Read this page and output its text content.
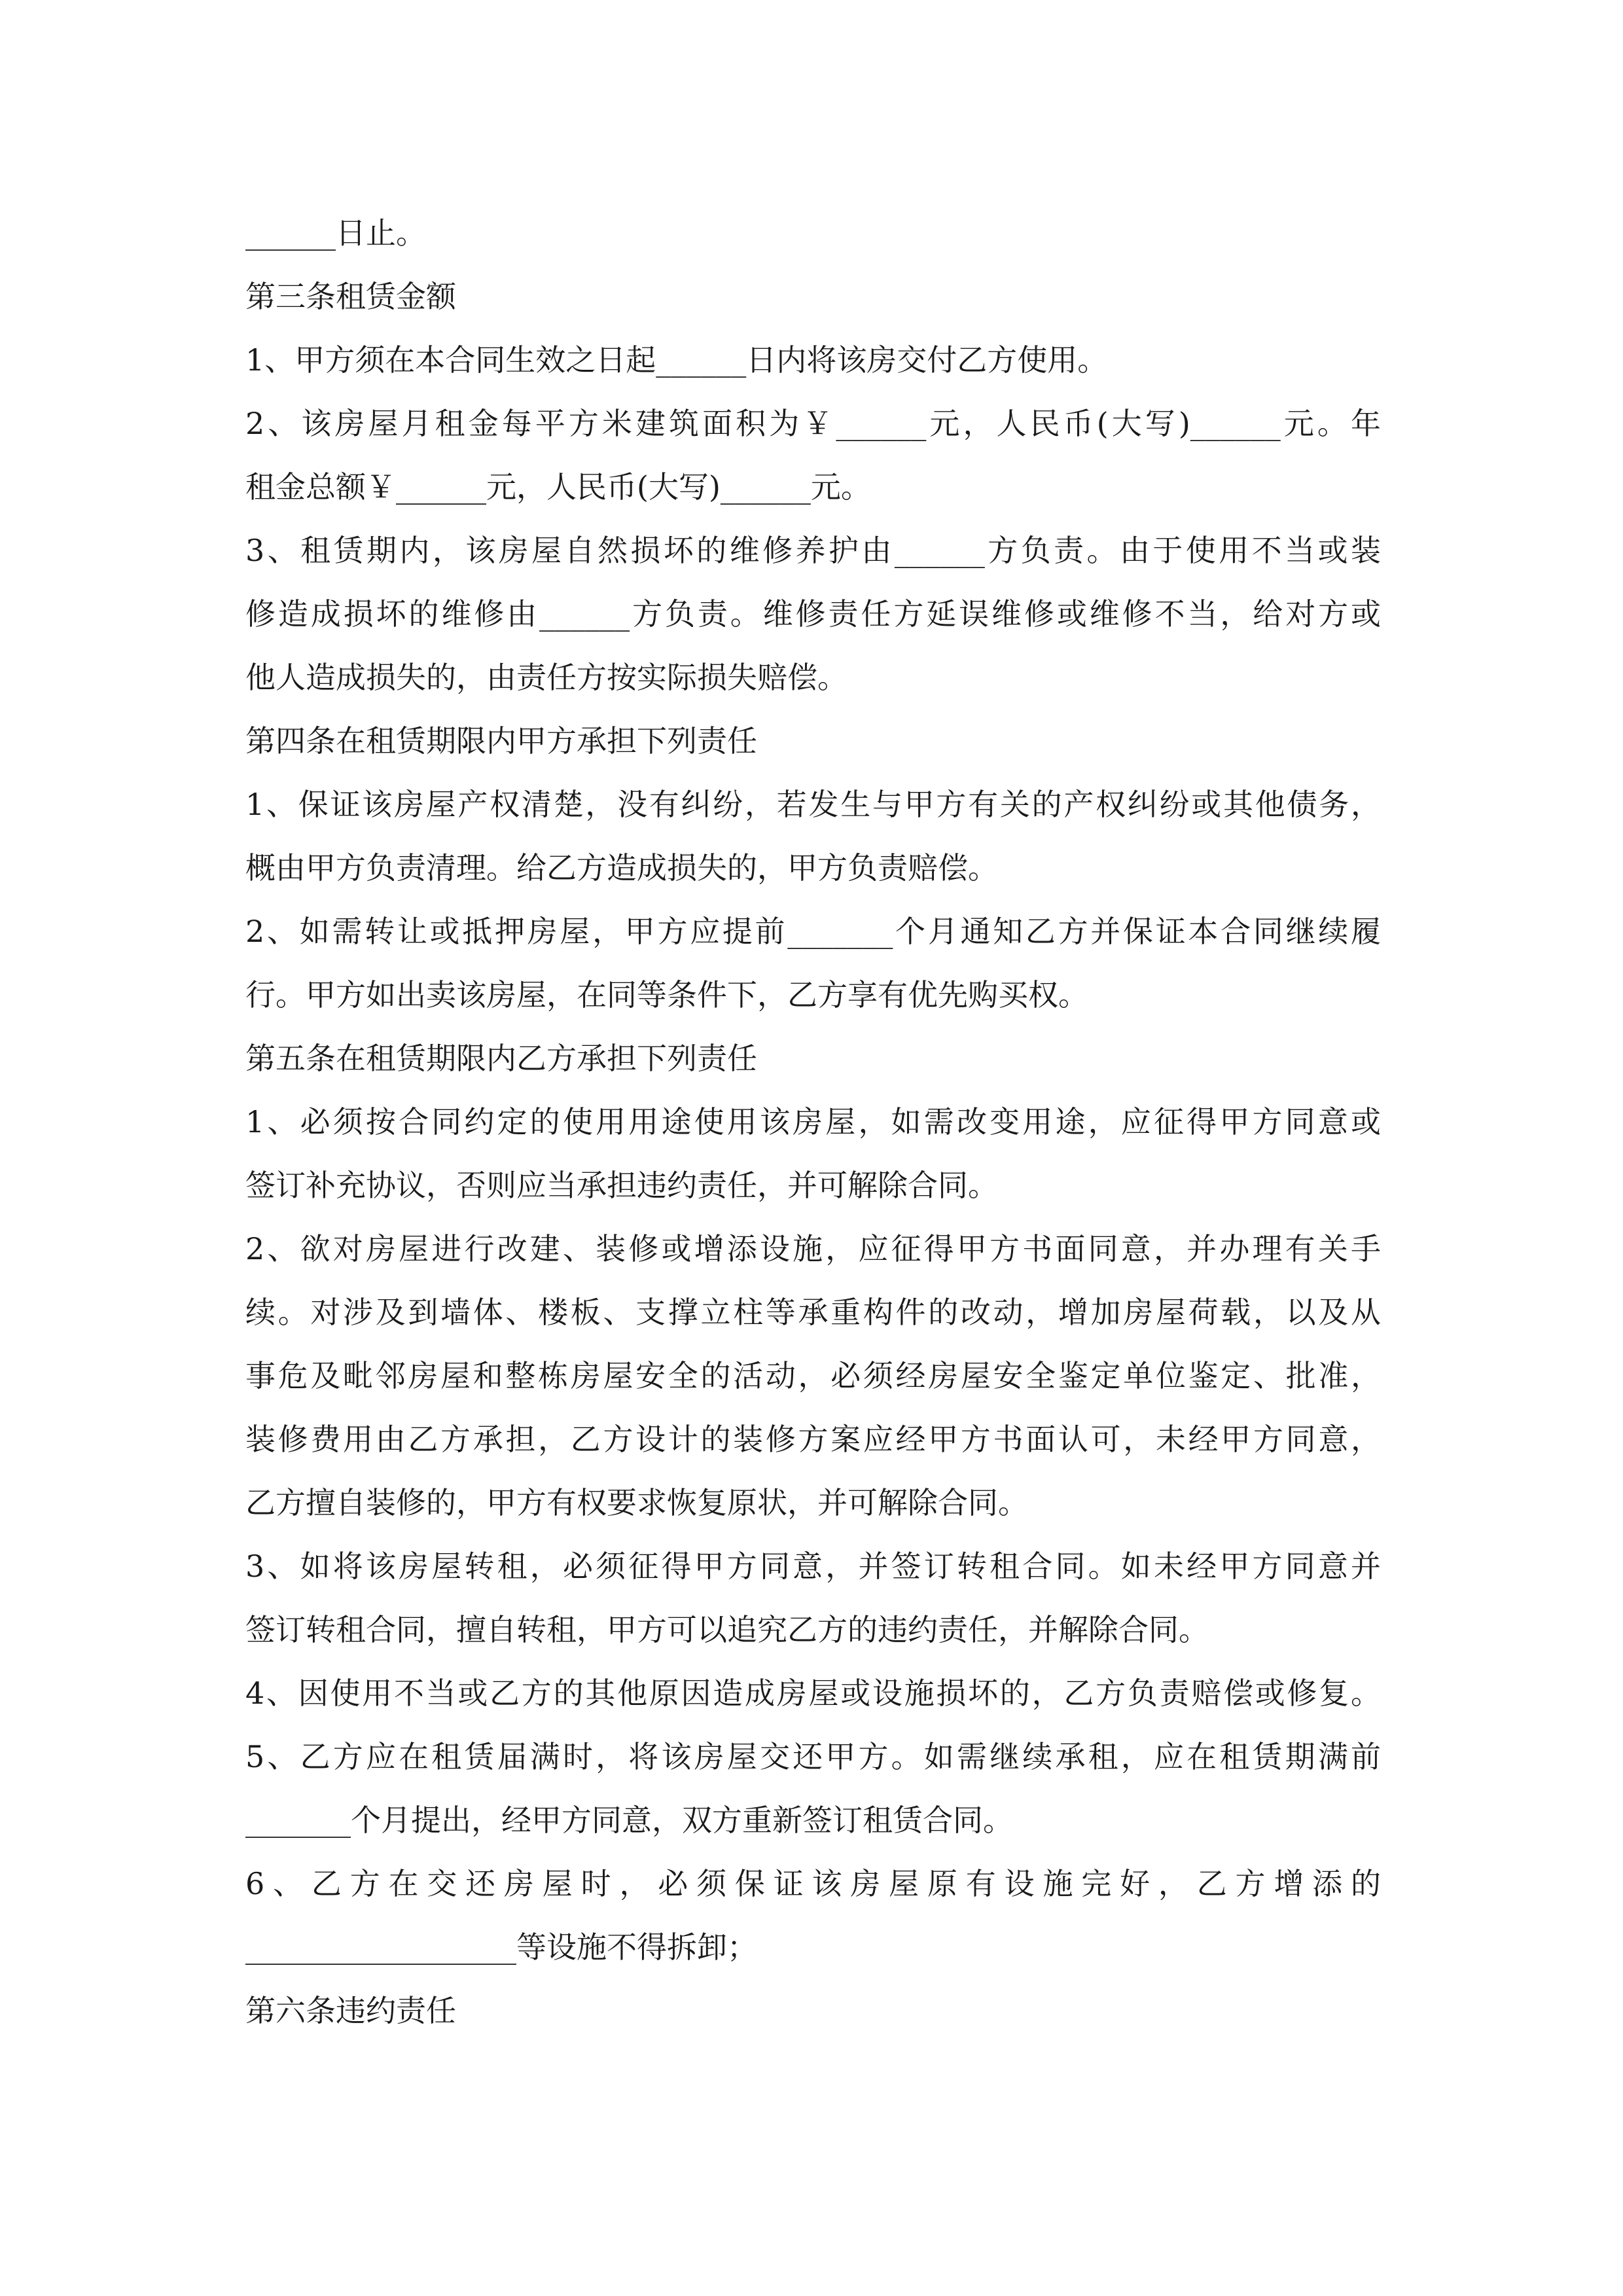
______日止。
第三条租赁金额
1、甲方须在本合同生效之日起______日内将该房交付乙方使用。
2、该房屋月租金每平方米建筑面积为￥______元，人民币(大写)______元。年
租金总额￥______元，人民币(大写)______元。
3、租赁期内，该房屋自然损坏的维修养护由______方负责。由于使用不当或装
修造成损坏的维修由______方负责。维修责任方延误维修或维修不当，给对方或
他人造成损失的，由责任方按实际损失赔偿。
第四条在租赁期限内甲方承担下列责任
1、保证该房屋产权清楚，没有纠纷，若发生与甲方有关的产权纠纷或其他债务，
概由甲方负责清理。给乙方造成损失的，甲方负责赔偿。
2、如需转让或抵押房屋，甲方应提前_______个月通知乙方并保证本合同继续履
行。甲方如出卖该房屋，在同等条件下，乙方享有优先购买权。
第五条在租赁期限内乙方承担下列责任
1、必须按合同约定的使用用途使用该房屋，如需改变用途，应征得甲方同意或
签订补充协议，否则应当承担违约责任，并可解除合同。
2、欲对房屋进行改建、装修或增添设施，应征得甲方书面同意，并办理有关手
续。对涉及到墙体、楼板、支撑立柱等承重构件的改动，增加房屋荷载，以及从
事危及毗邻房屋和整栋房屋安全的活动，必须经房屋安全鉴定单位鉴定、批准，
装修费用由乙方承担，乙方设计的装修方案应经甲方书面认可，未经甲方同意，
乙方擅自装修的，甲方有权要求恢复原状，并可解除合同。
3、如将该房屋转租，必须征得甲方同意，并签订转租合同。如未经甲方同意并
签订转租合同，擅自转租，甲方可以追究乙方的违约责任，并解除合同。
4、因使用不当或乙方的其他原因造成房屋或设施损坏的，乙方负责赔偿或修复。
5、乙方应在租赁届满时，将该房屋交还甲方。如需继续承租，应在租赁期满前
_______个月提出，经甲方同意，双方重新签订租赁合同。
6、乙方在交还房屋时，必须保证该房屋原有设施完好，乙方增添的
__________________等设施不得拆卸；
第六条违约责任
